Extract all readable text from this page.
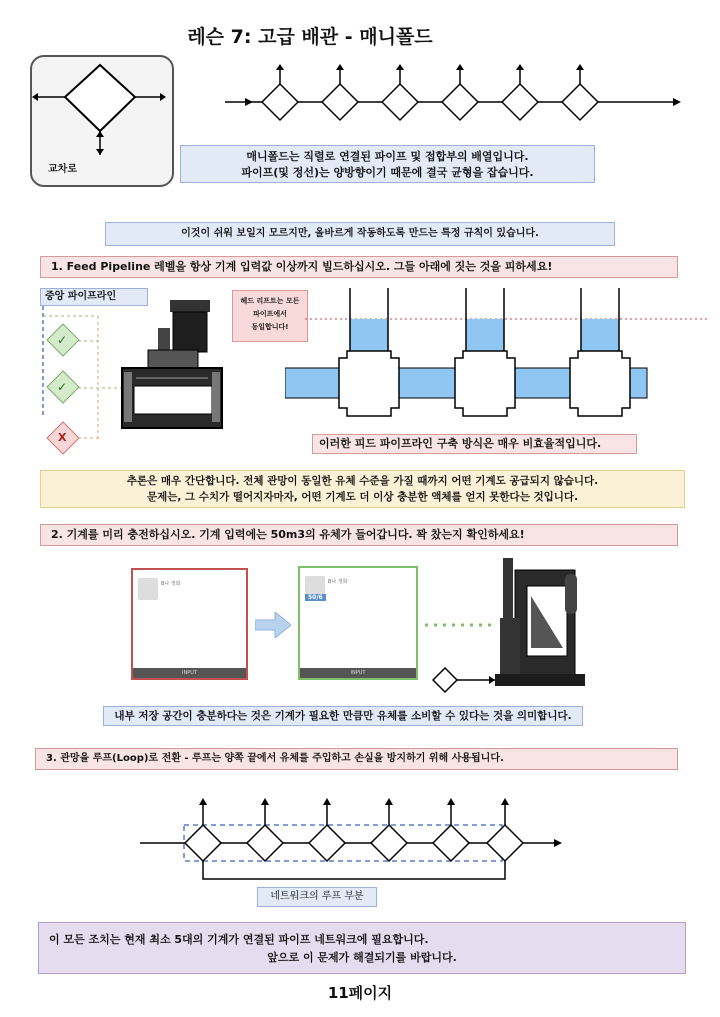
레슨 7: 고급 배관 - 매니폴드
교차로
매니폴드는 직렬로 연결된 파이프 및 접합부의 배열입니다.
파이프(및 정선)는 양방향이기 때문에 결국 균형을 잡습니다.
이것이 쉬워 보일지 모르지만, 올바르게 작동하도록 만드는 특정 규칙이 있습니다.
1. Feed Pipeline 레벨을 항상 기계 입력값 이상까지 빌드하십시오. 그들 아래에 짓는 것을 피하세요!
중앙 파이프라인
✓
✓
X
헤드 리프트는 모든
파이프에서
동일합니다!
이러한 피드 파이프라인 구축 방식은 매우 비효율적입니다.
추론은 매우 간단합니다. 전체 관망이 동일한 유체 수준을 가질 때까지 어떤 기계도 공급되지 않습니다.
문제는, 그 수치가 떨어지자마자, 어떤 기계도 더 이상 충분한 액체를 얻지 못한다는 것입니다.
2. 기계를 미리 충전하십시오. 기계 입력에는 50m3의 유체가 들어갑니다. 꽉 찼는지 확인하세요!
B나 정화
INPUT
B나 정화
50/6
INPUT
내부 저장 공간이 충분하다는 것은 기계가 필요한 만큼만 유체를 소비할 수 있다는 것을 의미합니다.
3. 관망을 루프(Loop)로 전환 - 루프는 양쪽 끝에서 유체를 주입하고 손실을 방지하기 위해 사용됩니다.
네트워크의 루프 부분
이 모든 조치는 현재 최소 5대의 기계가 연결된 파이프 네트워크에 필요합니다.
앞으로 이 문제가 해결되기를 바랍니다.
11페이지
